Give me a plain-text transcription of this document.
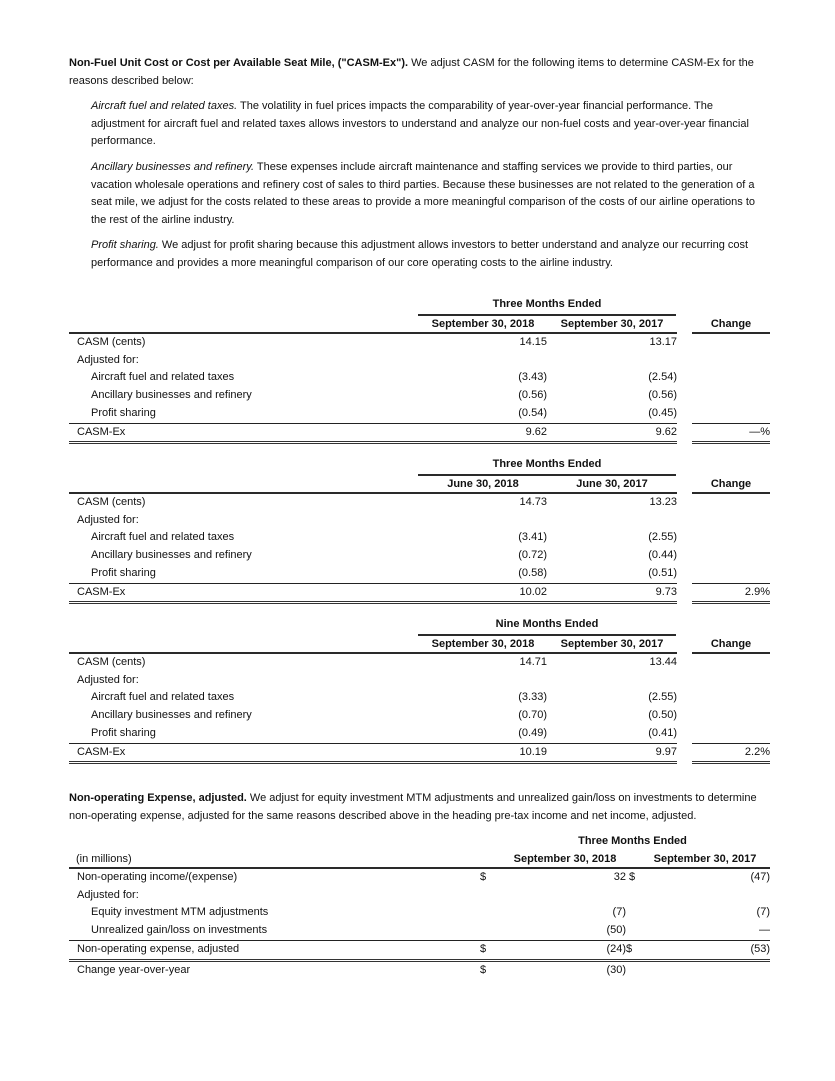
Non-Fuel Unit Cost or Cost per Available Seat Mile, ("CASM-Ex"). We adjust CASM for the following items to determine CASM-Ex for the reasons described below:

Aircraft fuel and related taxes. The volatility in fuel prices impacts the comparability of year-over-year financial performance. The adjustment for aircraft fuel and related taxes allows investors to understand and analyze our non-fuel costs and year-over-year financial performance.

Ancillary businesses and refinery. These expenses include aircraft maintenance and staffing services we provide to third parties, our vacation wholesale operations and refinery cost of sales to third parties. Because these businesses are not related to the generation of a seat mile, we adjust for the costs related to these areas to provide a more meaningful comparison of the costs of our airline operations to the rest of the airline industry.

Profit sharing. We adjust for profit sharing because this adjustment allows investors to better understand and analyze our recurring cost performance and provides a more meaningful comparison of our core operating costs to the airline industry.

Three Months Ended
September 30, 2018	September 30, 2017	Change
CASM (cents)	14.15	13.17		
Adjusted for:				
Aircraft fuel and related taxes	(3.43)	(2.54)		
Ancillary businesses and refinery	(0.56)	(0.56)		
Profit sharing	(0.54)	(0.45)		
CASM-Ex	9.62	9.62		—%
Three Months Ended
June 30, 2018	June 30, 2017	Change
CASM (cents)	14.73	13.23		
Adjusted for:				
Aircraft fuel and related taxes	(3.41)	(2.55)		
Ancillary businesses and refinery	(0.72)	(0.44)		
Profit sharing	(0.58)	(0.51)		
CASM-Ex	10.02	9.73		2.9%
Nine Months Ended
September 30, 2018	September 30, 2017	Change
CASM (cents)	14.71	13.44		
Adjusted for:				
Aircraft fuel and related taxes	(3.33)	(2.55)		
Ancillary businesses and refinery	(0.70)	(0.50)		
Profit sharing	(0.49)	(0.41)		
CASM-Ex	10.19	9.97		2.2%

Non-operating Expense, adjusted. We adjust for equity investment MTM adjustments and unrealized gain/loss on investments to determine non-operating expense, adjusted for the same reasons described above in the heading pre-tax income and net income, adjusted.

Three Months Ended
(in millions)	September 30, 2018	September 30, 2017
Non-operating income/(expense)	$	32	$	(47)
Adjusted for:				
Equity investment MTM adjustments		(7)		(7)
Unrealized gain/loss on investments		(50)		—
Non-operating expense, adjusted	$	(24)	$	(53)
Change year-over-year	$	(30)		
